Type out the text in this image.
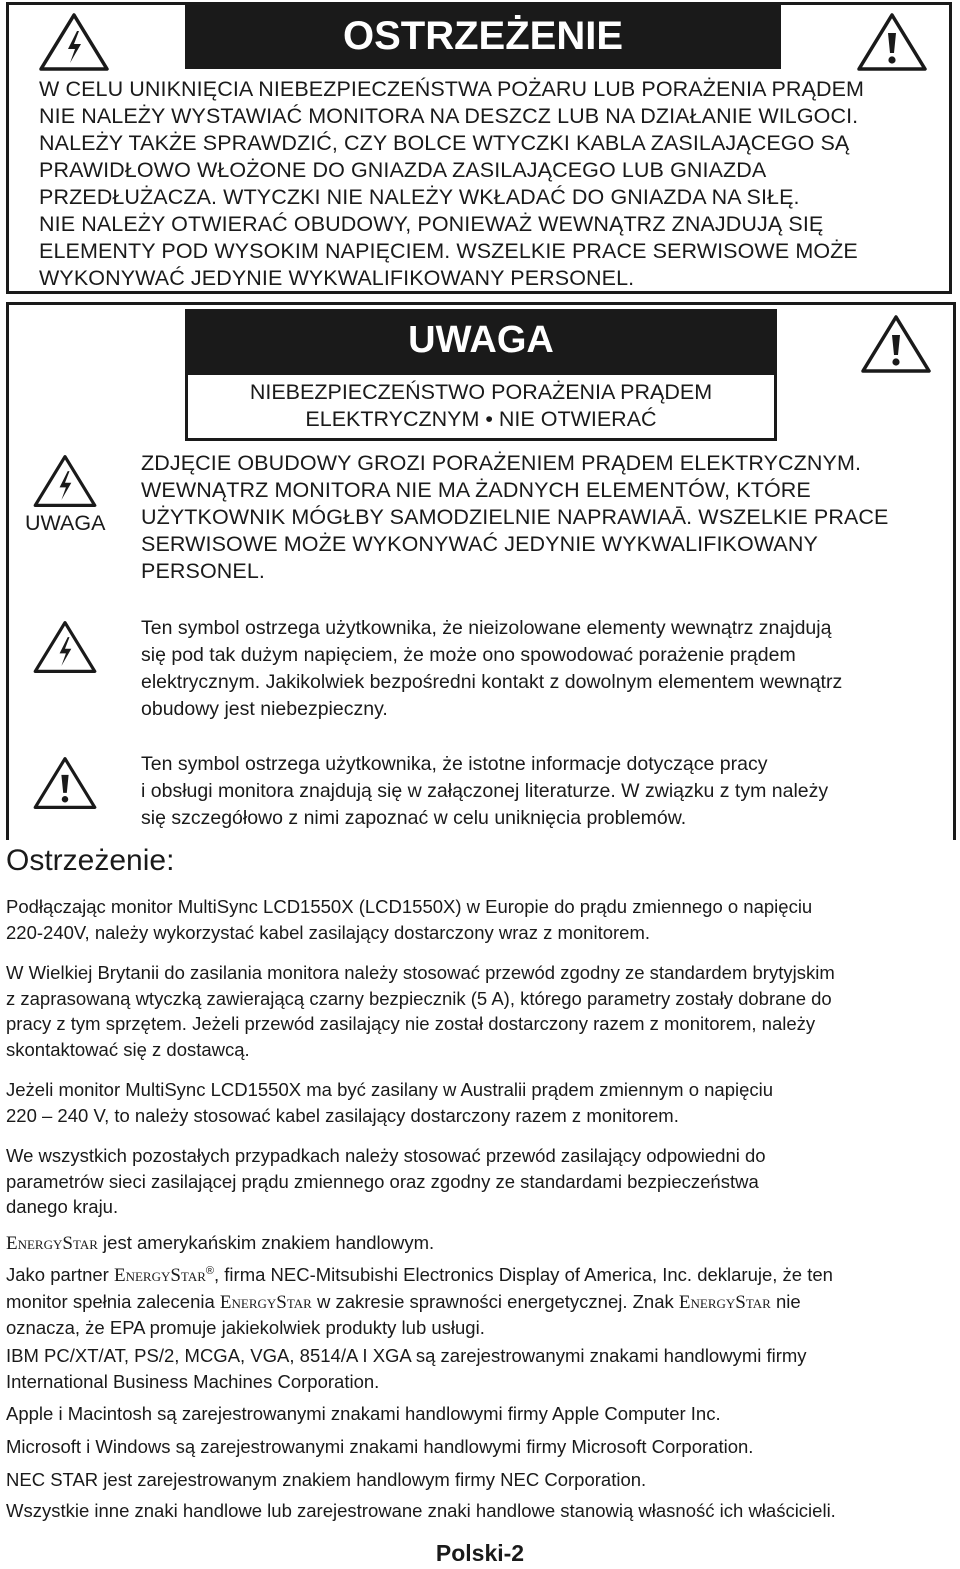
OSTRZEŻENIE
W CELU UNIKNIĘCIA NIEBEZPIECZEŃSTWA POŻARU LUB PORAŻENIA PRĄDEM
NIE NALEŻY WYSTAWIAĆ MONITORA NA DESZCZ LUB NA DZIAŁANIE WILGOCI.
NALEŻY TAKŻE SPRAWDZIĆ, CZY BOLCE WTYCZKI KABLA ZASILAJĄCEGO SĄ
PRAWIDŁOWO WŁOŻONE DO GNIAZDA ZASILAJĄCEGO LUB GNIAZDA
PRZEDŁUŻACZA. WTYCZKI NIE NALEŻY WKŁADAĆ DO GNIAZDA NA SIŁĘ.
NIE NALEŻY OTWIERAĆ OBUDOWY, PONIEWAŻ WEWNĄTRZ ZNAJDUJĄ SIĘ
ELEMENTY POD WYSOKIM NAPIĘCIEM. WSZELKIE PRACE SERWISOWE MOŻE
WYKONYWAĆ JEDYNIE WYKWALIFIKOWANY PERSONEL.
UWAGA
NIEBEZPIECZEŃSTWO PORAŻENIA PRĄDEM
ELEKTRYCZNYM • NIE OTWIERAĆ
UWAGA
ZDJĘCIE OBUDOWY GROZI PORAŻENIEM PRĄDEM ELEKTRYCZNYM.
WEWNĄTRZ MONITORA NIE MA ŻADNYCH ELEMENTÓW, KTÓRE
UŻYTKOWNIK MÓGŁBY SAMODZIELNIE NAPRAWIAĀ. WSZELKIE PRACE
SERWISOWE MOŻE WYKONYWAĆ JEDYNIE WYKWALIFIKOWANY
PERSONEL.
Ten symbol ostrzega użytkownika, że nieizolowane elementy wewnątrz znajdują
się pod tak dużym napięciem, że może ono spowodować porażenie prądem
elektrycznym. Jakikolwiek bezpośredni kontakt z dowolnym elementem wewnątrz
obudowy jest niebezpieczny.
Ten symbol ostrzega użytkownika, że istotne informacje dotyczące pracy
i obsługi monitora znajdują się w załączonej literaturze. W związku z tym należy
się szczegółowo z nimi zapoznać w celu uniknięcia problemów.
Ostrzeżenie:
Podłączając monitor MultiSync LCD1550X (LCD1550X) w Europie do prądu zmiennego o napięciu
220-240V, należy wykorzystać kabel zasilający dostarczony wraz z monitorem.
W Wielkiej Brytanii do zasilania monitora należy stosować przewód zgodny ze standardem brytyjskim
z zaprasowaną wtyczką zawierającą czarny bezpiecznik (5 A), którego parametry zostały dobrane do
pracy z tym sprzętem. Jeżeli przewód zasilający nie został dostarczony razem z monitorem, należy
skontaktować się z dostawcą.
Jeżeli monitor MultiSync LCD1550X ma być zasilany w Australii prądem zmiennym o napięciu
220 – 240 V, to należy stosować kabel zasilający dostarczony razem z monitorem.
We wszystkich pozostałych przypadkach należy stosować przewód zasilający odpowiedni do
parametrów sieci zasilającej prądu zmiennego oraz zgodny ze standardami bezpieczeństwa
danego kraju.
EnergyStar jest amerykańskim znakiem handlowym.
Jako partner EnergyStar®, firma NEC-Mitsubishi Electronics Display of America, Inc. deklaruje, że ten
monitor spełnia zalecenia EnergyStar w zakresie sprawności energetycznej. Znak EnergyStar nie
oznacza, że EPA promuje jakiekolwiek produkty lub usługi.
IBM PC/XT/AT, PS/2, MCGA, VGA, 8514/A I XGA są zarejestrowanymi znakami handlowymi firmy
International Business Machines Corporation.
Apple i Macintosh są zarejestrowanymi znakami handlowymi firmy Apple Computer Inc.
Microsoft i Windows są zarejestrowanymi znakami handlowymi firmy Microsoft Corporation.
NEC STAR jest zarejestrowanym znakiem handlowym firmy NEC Corporation.
Wszystkie inne znaki handlowe lub zarejestrowane znaki handlowe stanowią własność ich właścicieli.
Polski-2
